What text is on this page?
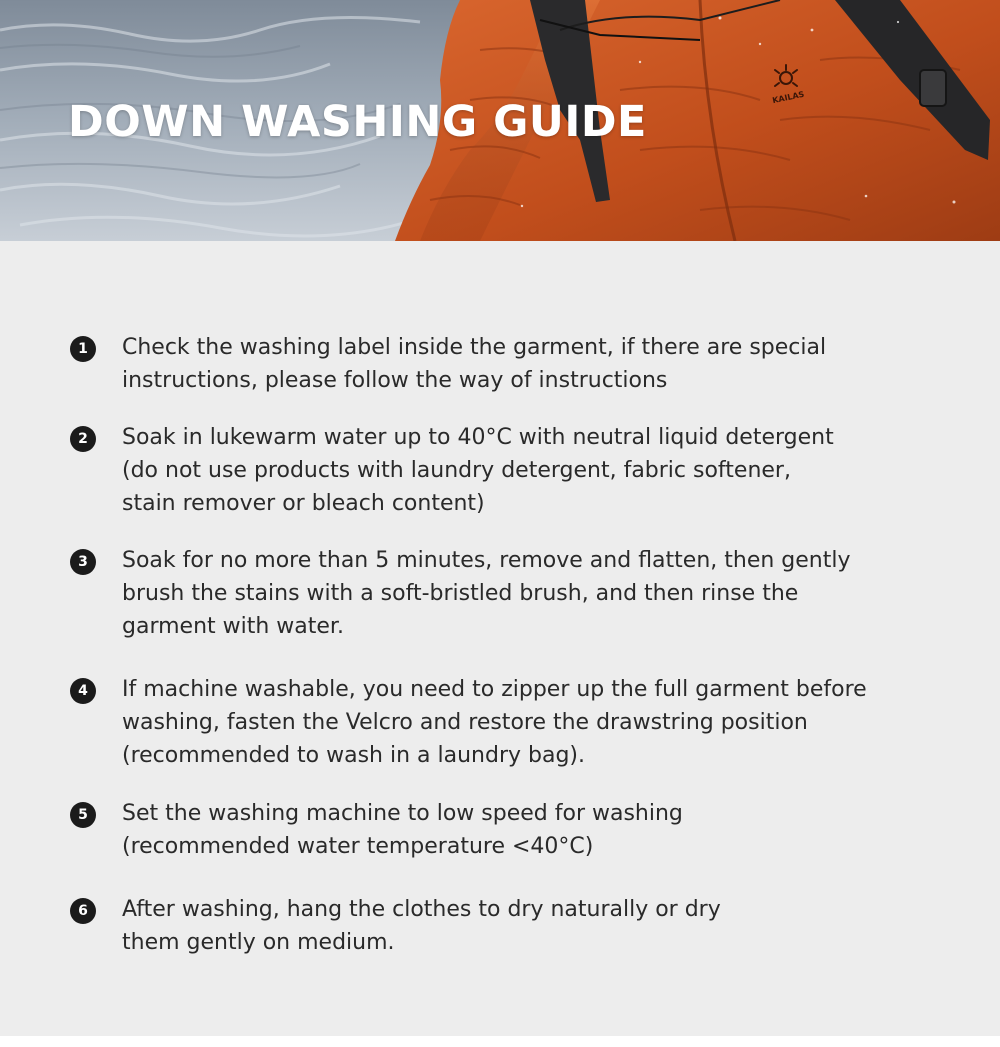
KAILAS
DOWN WASHING GUIDE
1	Check the washing label inside the garment, if there are special
instructions, please follow the way of instructions

2	Soak in lukewarm water up to 40°C with neutral liquid detergent
(do not use products with laundry detergent, fabric softener,
stain remover or bleach content)

3	Soak for no more than 5 minutes, remove and flatten, then gently
brush the stains with a soft-bristled brush, and then rinse the
garment with water.

4	If machine washable, you need to zipper up the full garment before
washing, fasten the Velcro and restore the drawstring position
(recommended to wash in a laundry bag).

5	Set the washing machine to low speed for washing
(recommended water temperature <40°C)

6	After washing, hang the clothes to dry naturally or dry
them gently on medium.
